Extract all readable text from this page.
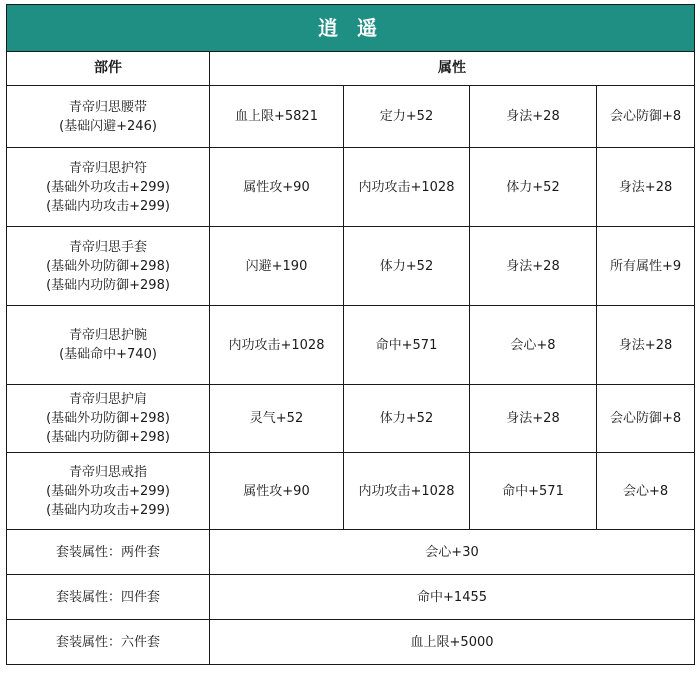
逍 遥				
部件	属性			

青帝归思腰带
(基础闪避+246)	血上限+5821	定力+52	身法+28	会心防御+8

青帝归思护符
(基础外功攻击+299)
(基础内功攻击+299)	属性攻+90	内功攻击+1028	体力+52	身法+28

青帝归思手套
(基础外功防御+298)
(基础内功防御+298)	闪避+190	体力+52	身法+28	所有属性+9

青帝归思护腕
(基础命中+740)	内功攻击+1028	命中+571	会心+8	身法+28

青帝归思护肩
(基础外功防御+298)
(基础内功防御+298)	灵气+52	体力+52	身法+28	会心防御+8

青帝归思戒指
(基础外功攻击+299)
(基础内功攻击+299)	属性攻+90	内功攻击+1028	命中+571	会心+8
套装属性：两件套	会心+30			
套装属性：四件套	命中+1455			
套装属性：六件套	血上限+5000			
